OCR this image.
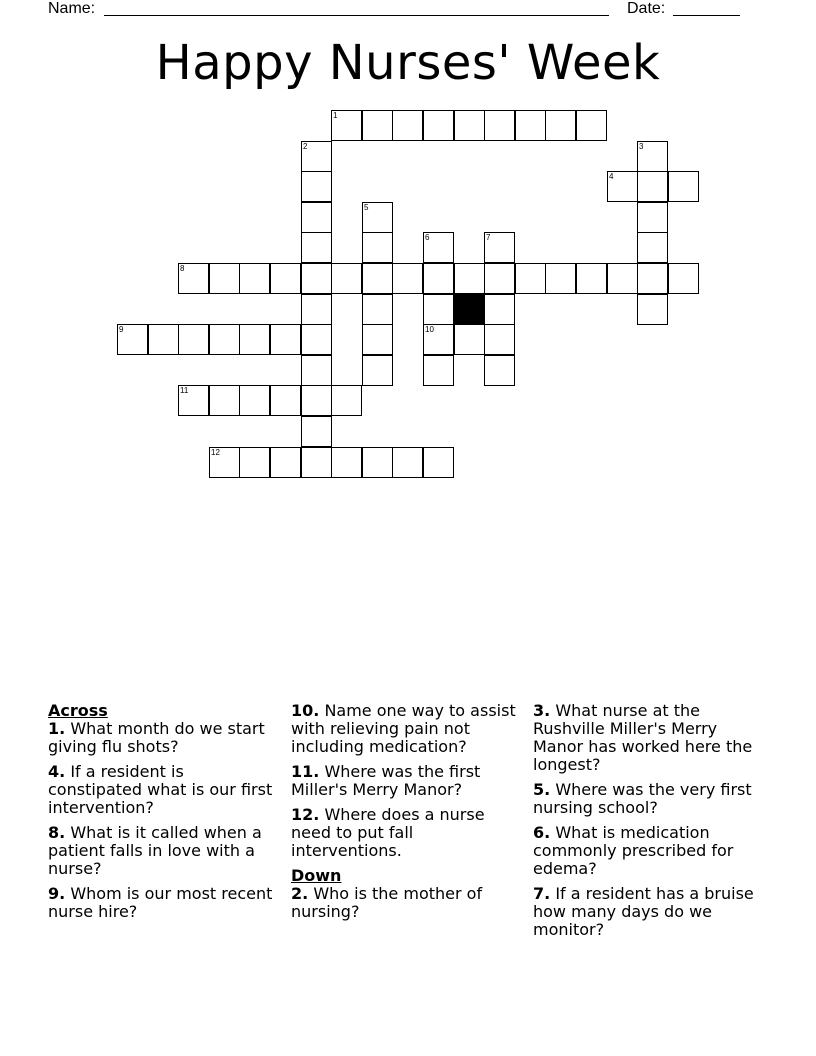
Name:	Date:
Happy Nurses' Week
1
2	3
4
5
6
10
7
8
9
11
12
Across

1. What month do we start giving flu shots?

4. If a resident is constipated what is our first intervention?

8. What is it called when a patient falls in love with a nurse?

9. Whom is our most recent nurse hire?

10. Name one way to assist with relieving pain not including medication?

11. Where was the first Miller's Merry Manor?

12. Where does a nurse need to put fall interventions.

Down

2. Who is the mother of nursing?

3. What nurse at the Rushville Miller's Merry Manor has worked here the longest?

5. Where was the very first nursing school?

6. What is medication commonly prescribed for edema?

7. If a resident has a bruise how many days do we monitor?
